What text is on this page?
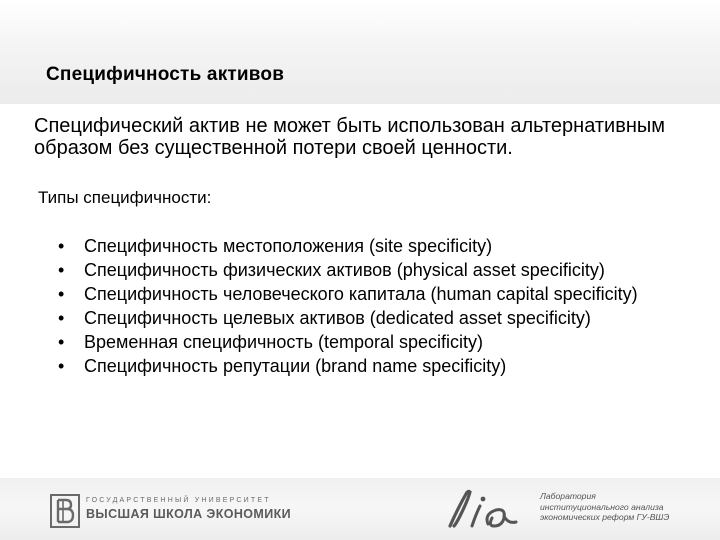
Специфичность активов
Специфический актив не может быть использован альтернативным образом без существенной потери своей ценности.
Типы специфичности:
• Специфичность местоположения (site specificity)
• Специфичность физических активов (physical asset specificity)
• Специфичность человеческого капитала (human capital specificity)
• Специфичность целевых активов (dedicated asset specificity)
• Временная специфичность (temporal specificity)
• Специфичность репутации (brand name specificity)
ГОСУДАРСТВЕННЫЙ УНИВЕРСИТЕТ
ВЫСШАЯ ШКОЛА ЭКОНОМИКИ
Лаборатория
институционального анализа
экономических реформ ГУ-ВШЭ
